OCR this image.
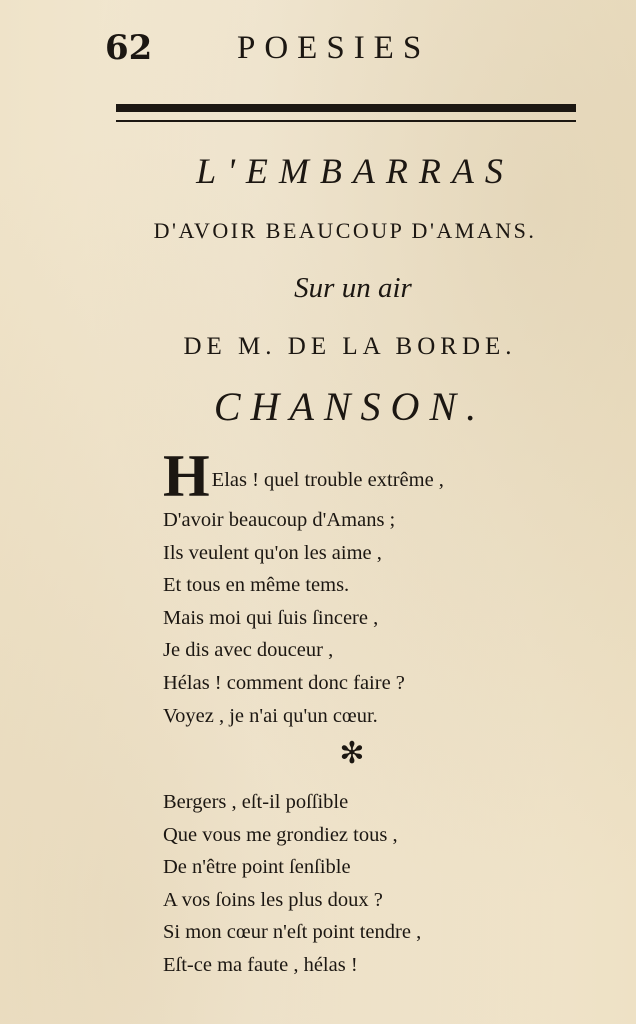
62	POESIES
L'EMBARRAS
D'AVOIR BEAUCOUP D'AMANS.
Sur un air
DE M. DE LA BORDE.
CHANSON.
H Elas ! quel trouble extrême ,
D'avoir beaucoup d'Amans ;
Ils veulent qu'on les aime ,
Et tous en même tems.
Mais moi qui ſuis ſincere ,
Je dis avec douceur ,
Hélas ! comment donc faire ?
Voyez , je n'ai qu'un cœur.
✻
Bergers , eſt-il poſſible
Que vous me grondiez tous ,
De n'être point ſenſible
A vos ſoins les plus doux ?
Si mon cœur n'eſt point tendre ,
Eſt-ce ma faute , hélas !
